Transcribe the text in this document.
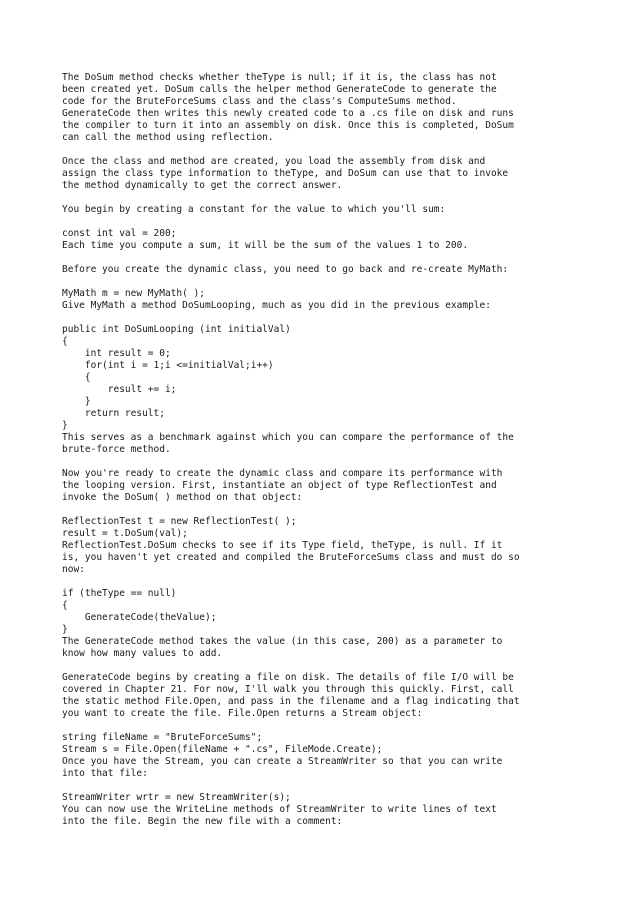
The DoSum method checks whether theType is null; if it is, the class has not
been created yet. DoSum calls the helper method GenerateCode to generate the
code for the BruteForceSums class and the class's ComputeSums method.
GenerateCode then writes this newly created code to a .cs file on disk and runs
the compiler to turn it into an assembly on disk. Once this is completed, DoSum
can call the method using reflection.
Once the class and method are created, you load the assembly from disk and
assign the class type information to theType, and DoSum can use that to invoke
the method dynamically to get the correct answer.
You begin by creating a constant for the value to which you'll sum:
const int val = 200;
Each time you compute a sum, it will be the sum of the values 1 to 200.
Before you create the dynamic class, you need to go back and re-create MyMath:
MyMath m = new MyMath( );
Give MyMath a method DoSumLooping, much as you did in the previous example:
public int DoSumLooping (int initialVal)
{
int result = 0;
for(int i = 1;i <=initialVal;i++)
{
result += i;
}
return result;
}
This serves as a benchmark against which you can compare the performance of the
brute-force method.
Now you're ready to create the dynamic class and compare its performance with
the looping version. First, instantiate an object of type ReflectionTest and
invoke the DoSum( ) method on that object:
ReflectionTest t = new ReflectionTest( );
result = t.DoSum(val);
ReflectionTest.DoSum checks to see if its Type field, theType, is null. If it
is, you haven't yet created and compiled the BruteForceSums class and must do so
now:
if (theType == null)
{
GenerateCode(theValue);
}
The GenerateCode method takes the value (in this case, 200) as a parameter to
know how many values to add.
GenerateCode begins by creating a file on disk. The details of file I/O will be
covered in Chapter 21. For now, I'll walk you through this quickly. First, call
the static method File.Open, and pass in the filename and a flag indicating that
you want to create the file. File.Open returns a Stream object:
string fileName = "BruteForceSums";
Stream s = File.Open(fileName + ".cs", FileMode.Create);
Once you have the Stream, you can create a StreamWriter so that you can write
into that file:
StreamWriter wrtr = new StreamWriter(s);
You can now use the WriteLine methods of StreamWriter to write lines of text
into the file. Begin the new file with a comment:
